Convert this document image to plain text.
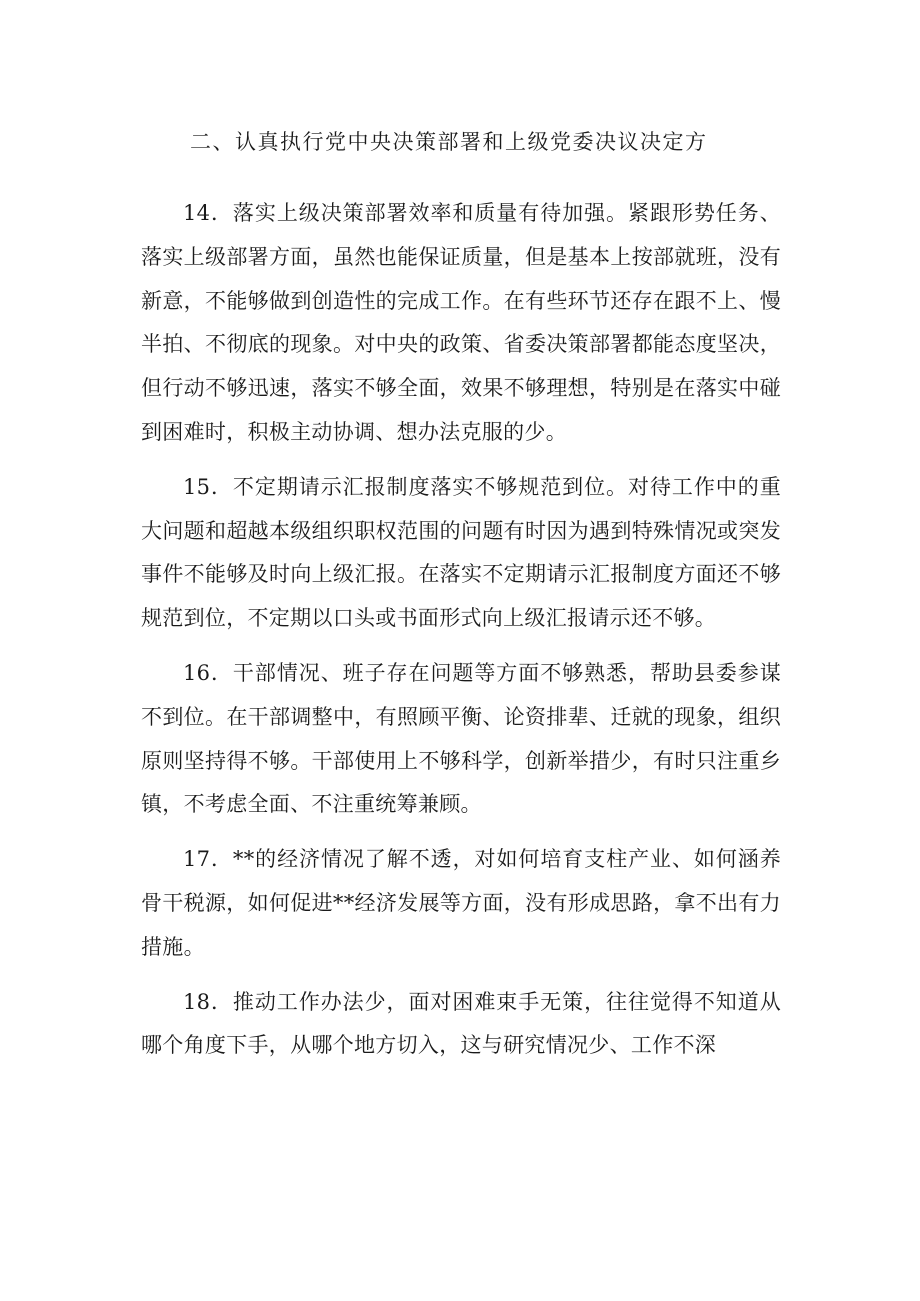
二、认真执行党中央决策部署和上级党委决议决定方

14．落实上级决策部署效率和质量有待加强。紧跟形势任务、落实上级部署方面，虽然也能保证质量，但是基本上按部就班，没有新意，不能够做到创造性的完成工作。在有些环节还存在跟不上、慢半拍、不彻底的现象。对中央的政策、省委决策部署都能态度坚决，但行动不够迅速，落实不够全面，效果不够理想，特别是在落实中碰到困难时，积极主动协调、想办法克服的少。

15．不定期请示汇报制度落实不够规范到位。对待工作中的重大问题和超越本级组织职权范围的问题有时因为遇到特殊情况或突发事件不能够及时向上级汇报。在落实不定期请示汇报制度方面还不够规范到位，不定期以口头或书面形式向上级汇报请示还不够。

16．干部情况、班子存在问题等方面不够熟悉，帮助县委参谋不到位。在干部调整中，有照顾平衡、论资排辈、迁就的现象，组织原则坚持得不够。干部使用上不够科学，创新举措少，有时只注重乡镇，不考虑全面、不注重统筹兼顾。

17．**的经济情况了解不透，对如何培育支柱产业、如何涵养骨干税源，如何促进**经济发展等方面，没有形成思路，拿不出有力措施。

18．推动工作办法少，面对困难束手无策，往往觉得不知道从哪个角度下手，从哪个地方切入，这与研究情况少、工作不深
